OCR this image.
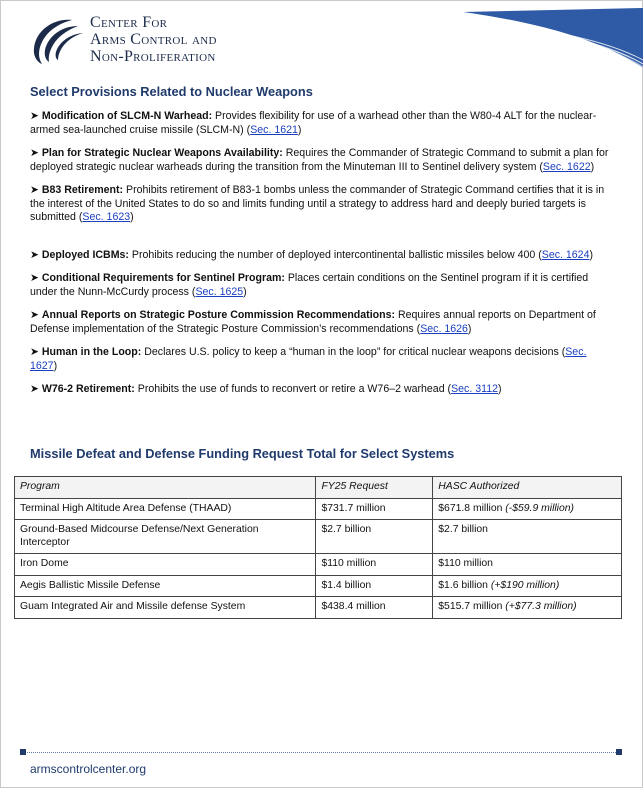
Center For
Arms Control and
Non-Proliferation
Select Provisions Related to Nuclear Weapons

➤ Modification of SLCM-N Warhead: Provides flexibility for use of a warhead other than the W80-4 ALT for the nuclear-armed sea-launched cruise missile (SLCM-N) (Sec. 1621)

➤ Plan for Strategic Nuclear Weapons Availability: Requires the Commander of Strategic Command to submit a plan for deployed strategic nuclear warheads during the transition from the Minuteman III to Sentinel delivery system (Sec. 1622)

➤ B83 Retirement: Prohibits retirement of B83-1 bombs unless the commander of Strategic Command certifies that it is in the interest of the United States to do so and limits funding until a strategy to address hard and deeply buried targets is submitted (Sec. 1623)

➤ Deployed ICBMs: Prohibits reducing the number of deployed intercontinental ballistic missiles below 400 (Sec. 1624)

➤ Conditional Requirements for Sentinel Program: Places certain conditions on the Sentinel program if it is certified under the Nunn-McCurdy process (Sec. 1625)

➤ Annual Reports on Strategic Posture Commission Recommendations: Requires annual reports on Department of Defense implementation of the Strategic Posture Commission’s recommendations (Sec. 1626)

➤ Human in the Loop: Declares U.S. policy to keep a “human in the loop” for critical nuclear weapons decisions (Sec. 1627)

➤ W76-2 Retirement: Prohibits the use of funds to reconvert or retire a W76–2 warhead (Sec. 3112)

Missile Defeat and Defense Funding Request Total for Select Systems
Program	FY25 Request	HASC Authorized
Terminal High Altitude Area Defense (THAAD)	$731.7 million	$671.8 million (-$59.9 million)
Ground-Based Midcourse Defense/Next Generation Interceptor	$2.7 billion	$2.7 billion
Iron Dome	$110 million	$110 million
Aegis Ballistic Missile Defense	$1.4 billion	$1.6 billion (+$190 million)
Guam Integrated Air and Missile defense System	$438.4 million	$515.7 million (+$77.3 million)
armscontrolcenter.org
